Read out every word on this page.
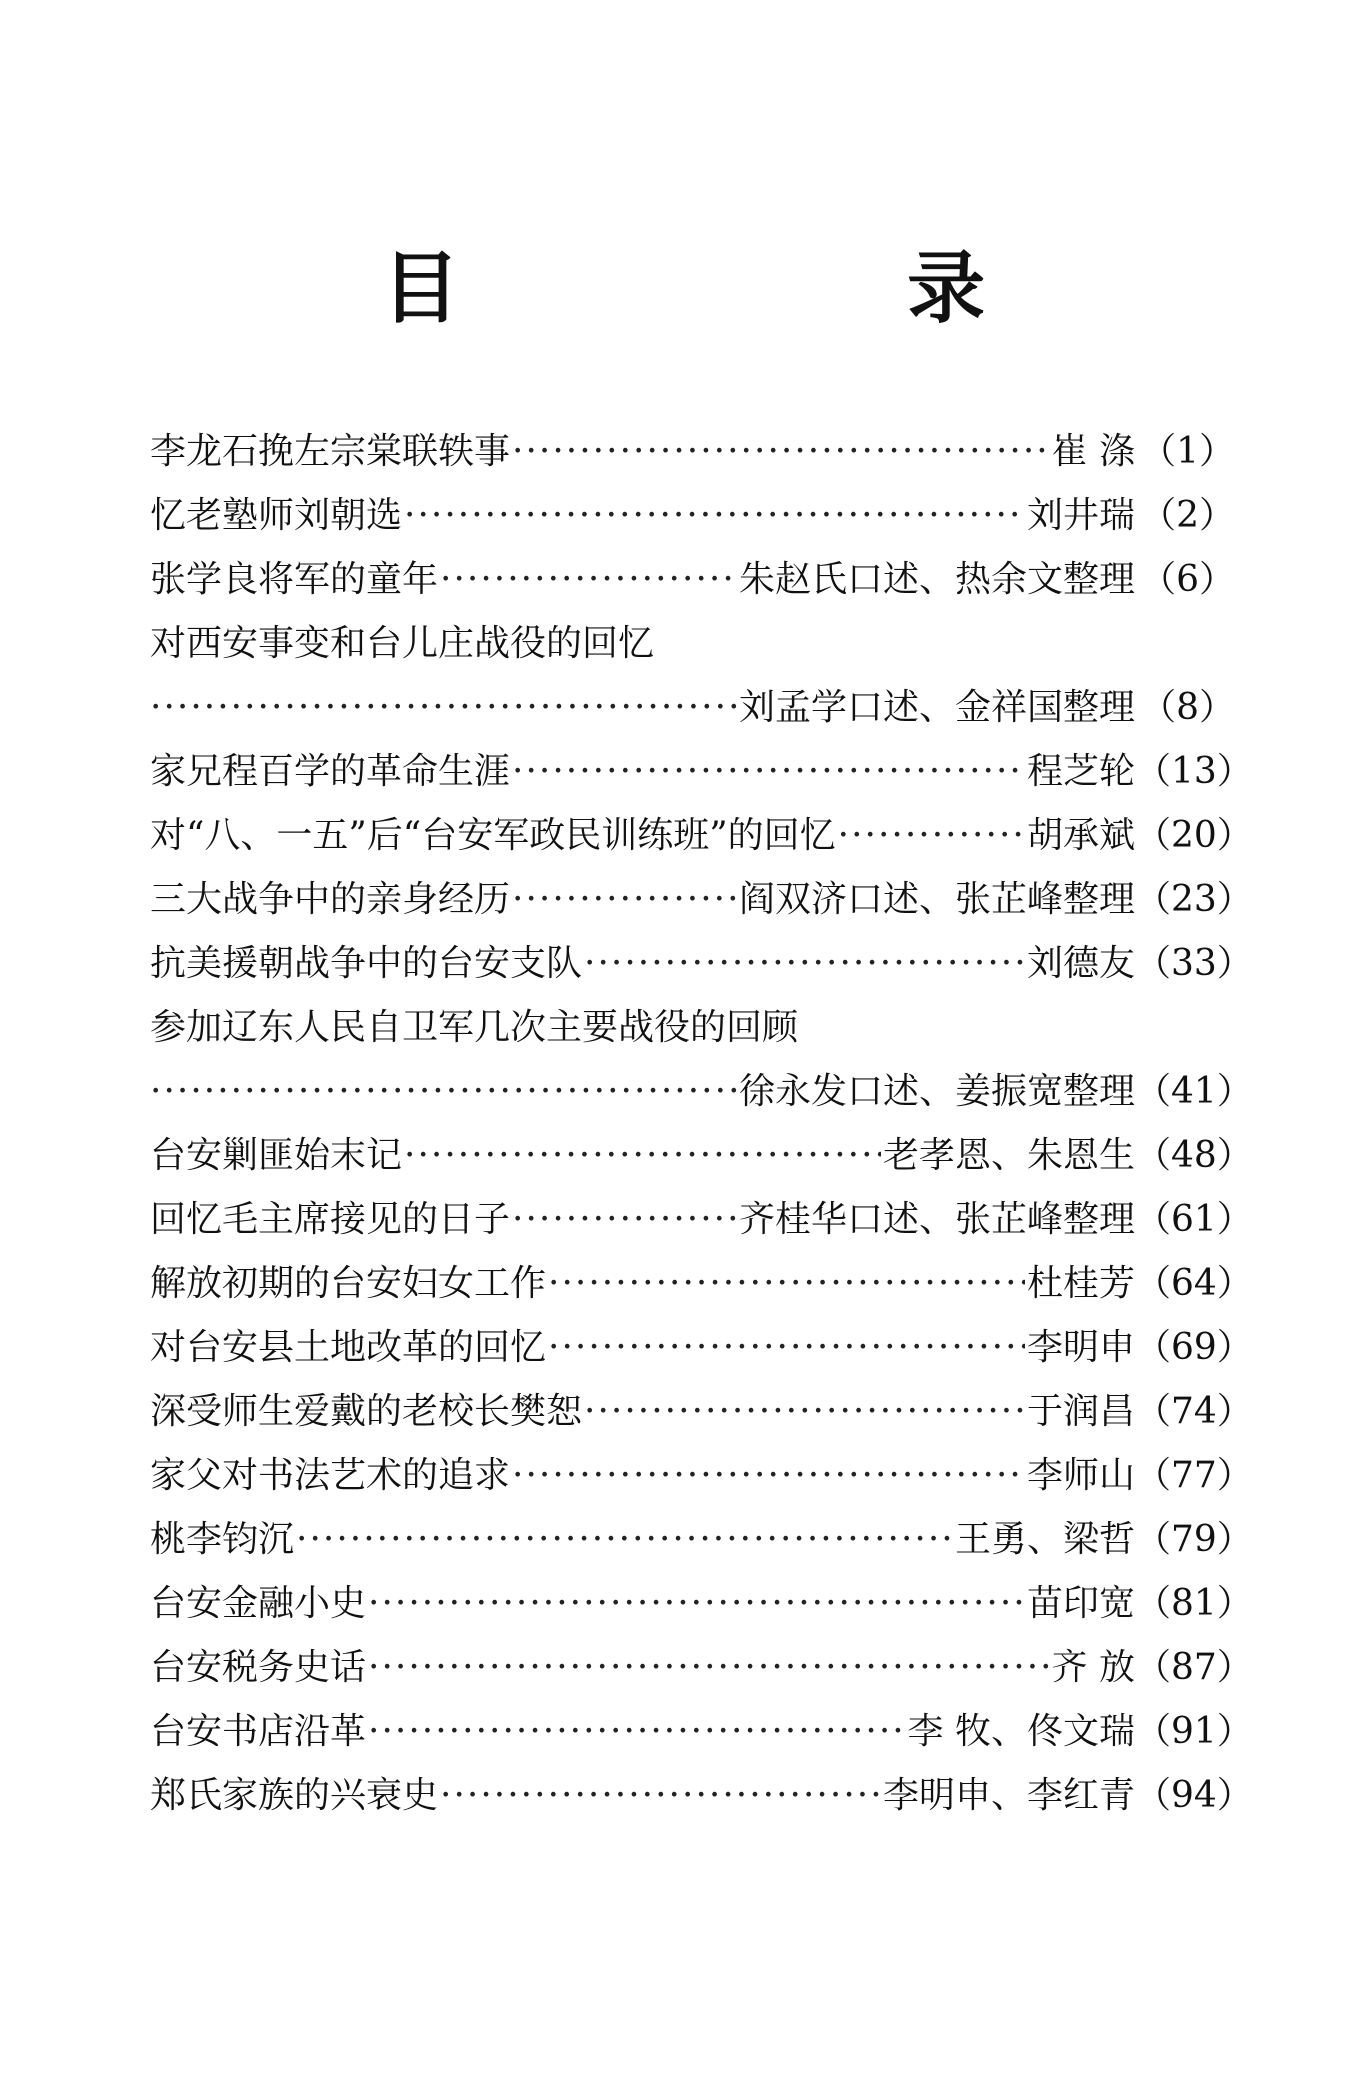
目 录
李龙石挽左宗棠联轶事 ·····	崔 涤 （1）
忆老塾师刘朝选 ·····	刘井瑞 （2）
张学良将军的童年 ·····	朱赵氏口述、热余文整理 （6）
对西安事变和台儿庄战役的回忆
·····
刘孟学口述、金祥国整理 （8）
家兄程百学的革命生涯 ·····	程芝轮 （13）
对“八、一五”后“台安军政民训练班”的回忆 ·····	胡承斌 （20）
三大战争中的亲身经历 ·····	阎双济口述、张芷峰整理 （23）
抗美援朝战争中的台安支队 ·····	刘德友 （33）
参加辽东人民自卫军几次主要战役的回顾
·····
徐永发口述、姜振宽整理 （41）
台安剿匪始末记 ·····	老孝恩、朱恩生 （48）
回忆毛主席接见的日子 ·····	齐桂华口述、张芷峰整理 （61）
解放初期的台安妇女工作 ·····	杜桂芳 （64）
对台安县土地改革的回忆 ·····	李明申 （69）
深受师生爱戴的老校长樊恕 ·····	于润昌 （74）
家父对书法艺术的追求 ·····	李师山 （77）
桃李钧沉 ·····	王勇、梁哲 （79）
台安金融小史 ·····	苗印宽 （81）
台安税务史话 ·····	齐 放 （87）
台安书店沿革 ·····	李 牧、佟文瑞 （91）
郑氏家族的兴衰史 ·····	李明申、李红青 （94）
